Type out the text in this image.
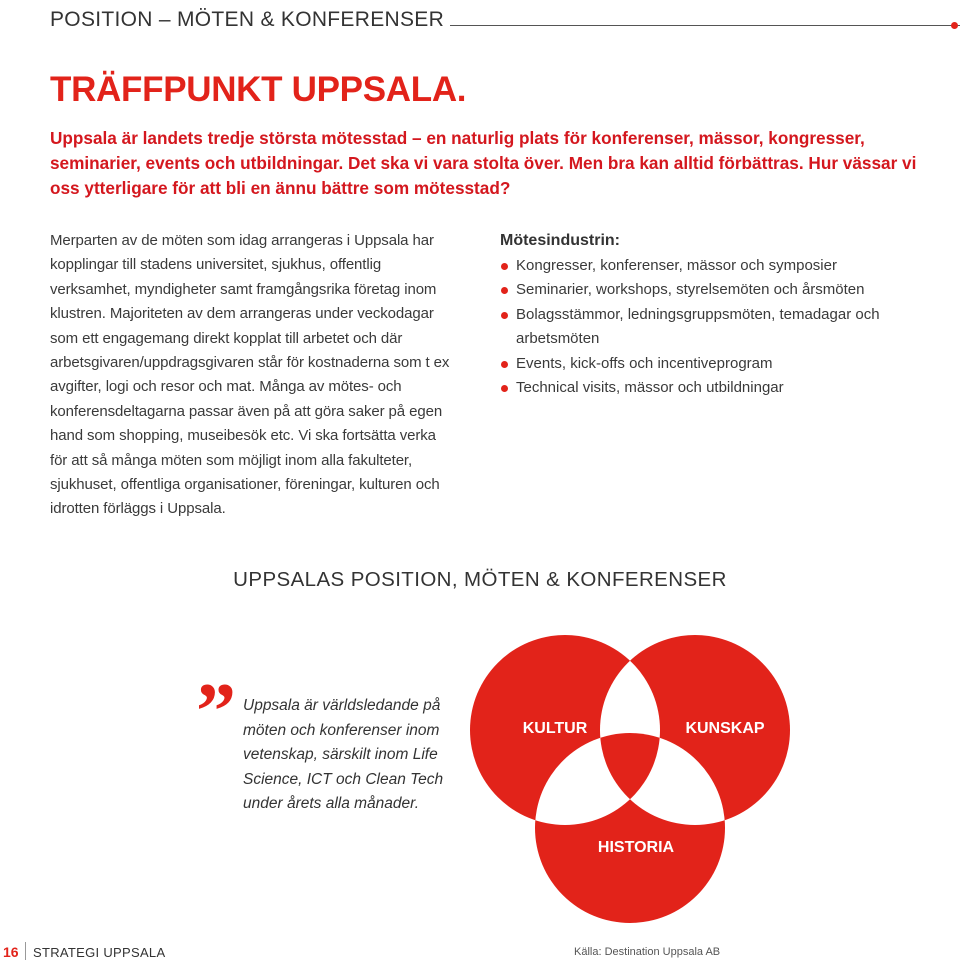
POSITION – MÖTEN & KONFERENSER
TRÄFFPUNKT UPPSALA.

Uppsala är landets tredje största mötesstad – en naturlig plats för konferenser, mässor, kongresser, seminarier, events och utbildningar. Det ska vi vara stolta över. Men bra kan alltid förbättras. Hur vässar vi oss ytterligare för att bli en ännu bättre som mötesstad?

Merparten av de möten som idag arrangeras i Uppsala har kopplingar till stadens universitet, sjukhus, offentlig verksamhet, myndigheter samt framgångsrika företag inom klustren. Majoriteten av dem arrangeras under veckodagar som ett engagemang direkt kopplat till arbetet och där arbetsgivaren/uppdragsgivaren står för kostnaderna som t ex avgifter, logi och resor och mat. Många av mötes- och konferensdeltagarna passar även på att göra saker på egen hand som shopping, museibesök etc. Vi ska fortsätta verka för att så många möten som möjligt inom alla fakulteter, sjukhuset, offentliga organisationer, föreningar, kulturen och idrotten förläggs i Uppsala.

Mötesindustrin:

Kongresser, konferenser, mässor och symposier
Seminarier, workshops, styrelsemöten och årsmöten
Bolagsstämmor, ledningsgruppsmöten, temadagar och arbetsmöten
Events, kick-offs och incentiveprogram
Technical visits, mässor och utbildningar
UPPSALAS POSITION, MÖTEN & KONFERENSER
” Uppsala är världsledande på möten och konferenser inom vetenskap, särskilt inom Life Science, ICT och Clean Tech under årets alla månader.

KULTUR	KUNSKAP
HISTORIA
16 STRATEGI UPPSALA	Källa: Destination Uppsala AB
